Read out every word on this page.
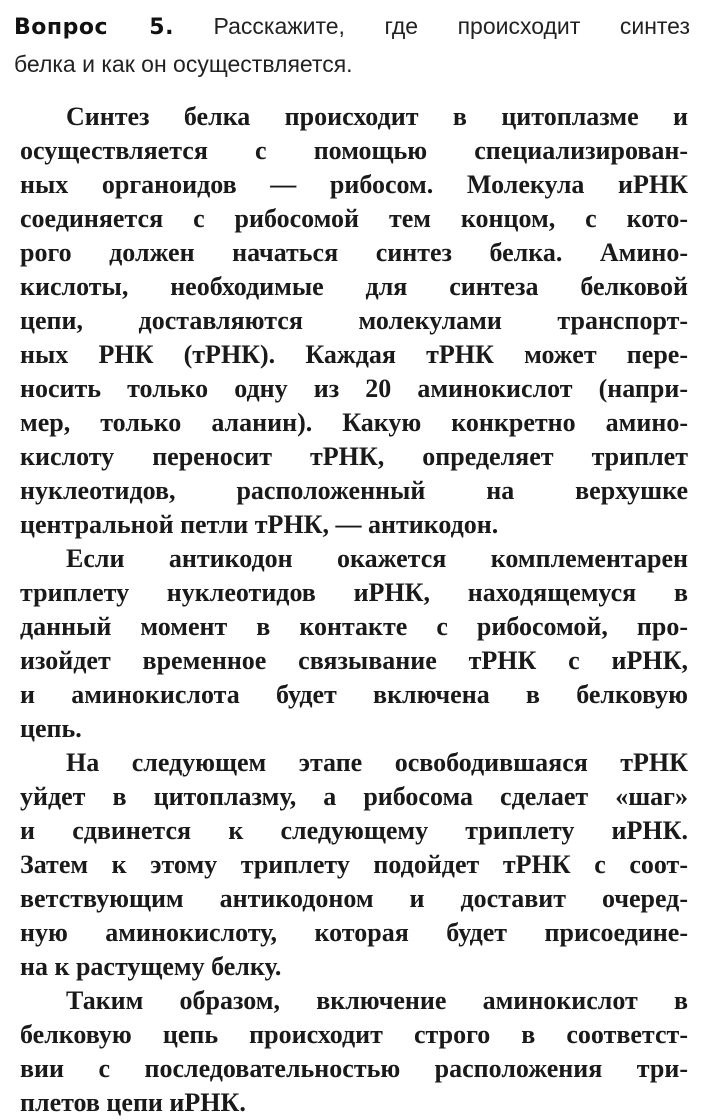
Вопрос 5. Расскажите, где происходит синтез
белка и как он осуществляется.
Синтез белка происходит в цитоплазме и
осуществляется с помощью специализирован-
ных органоидов — рибосом. Молекула иРНК
соединяется с рибосомой тем концом, с кото-
рого должен начаться синтез белка. Амино-
кислоты, необходимые для синтеза белковой
цепи, доставляются молекулами транспорт-
ных РНК (тРНК). Каждая тРНК может пере-
носить только одну из 20 аминокислот (напри-
мер, только аланин). Какую конкретно амино-
кислоту переносит тРНК, определяет триплет
нуклеотидов, расположенный на верхушке
центральной петли тРНК, — антикодон.
Если антикодон окажется комплементарен
триплету нуклеотидов иРНК, находящемуся в
данный момент в контакте с рибосомой, про-
изойдет временное связывание тРНК с иРНК,
и аминокислота будет включена в белковую
цепь.
На следующем этапе освободившаяся тРНК
уйдет в цитоплазму, а рибосома сделает «шаг»
и сдвинется к следующему триплету иРНК.
Затем к этому триплету подойдет тРНК с соот-
ветствующим антикодоном и доставит очеред-
ную аминокислоту, которая будет присоедине-
на к растущему белку.
Таким образом, включение аминокислот в
белковую цепь происходит строго в соответст-
вии с последовательностью расположения три-
плетов цепи иРНК.
